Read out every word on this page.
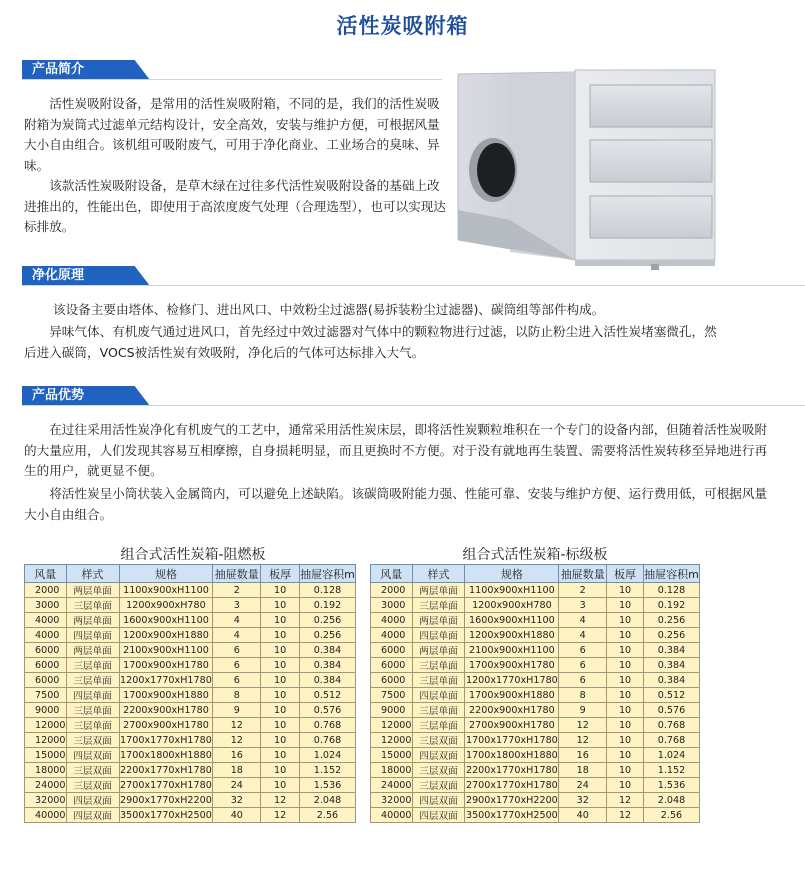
活性炭吸附箱
产品简介

活性炭吸附设备，是常用的活性炭吸附箱，不同的是，我们的活性炭吸附箱为炭筒式过滤单元结构设计，安全高效，安装与维护方便，可根据风量大小自由组合。该机组可吸附废气，可用于净化商业、工业场合的臭味、异味。

该款活性炭吸附设备，是草木绿在过往多代活性炭吸附设备的基础上改进推出的，性能出色，即使用于高浓度废气处理（合理选型），也可以实现达标排放。

净化原理

该设备主要由塔体、检修门、进出风口、中效粉尘过滤器(易拆装粉尘过滤器)、碳筒组等部件构成。

异味气体、有机废气通过进风口，首先经过中效过滤器对气体中的颗粒物进行过滤，以防止粉尘进入活性炭堵塞微孔，然后进入碳筒，VOCS被活性炭有效吸附，净化后的气体可达标排入大气。

产品优势

在过往采用活性炭净化有机废气的工艺中，通常采用活性炭床层，即将活性炭颗粒堆积在一个专门的设备内部，但随着活性炭吸附的大量应用，人们发现其容易互相摩擦，自身损耗明显，而且更换时不方便。对于没有就地再生装置、需要将活性炭转移至异地进行再生的用户，就更显不便。

将活性炭呈小筒状装入金属筒内，可以避免上述缺陷。该碳筒吸附能力强、性能可靠、安装与维护方便、运行费用低，可根据风量大小自由组合。

组合式活性炭箱-阻燃板
风量	样式	规格	抽屉数量	板厚	抽屉容积m
2000	两层单面	1100x900xH1100	2	10	0.128
3000	三层单面	1200x900xH780	3	10	0.192
4000	两层单面	1600x900xH1100	4	10	0.256
4000	四层单面	1200x900xH1880	4	10	0.256
6000	两层单面	2100x900xH1100	6	10	0.384
6000	三层单面	1700x900xH1780	6	10	0.384
6000	三层单面	1200x1770xH1780	6	10	0.384
7500	四层单面	1700x900xH1880	8	10	0.512
9000	三层单面	2200x900xH1780	9	10	0.576
12000	三层单面	2700x900xH1780	12	10	0.768
12000	三层双面	1700x1770xH1780	12	10	0.768
15000	四层双面	1700x1800xH1880	16	10	1.024
18000	三层双面	2200x1770xH1780	18	10	1.152
24000	三层双面	2700x1770xH1780	24	10	1.536
32000	四层双面	2900x1770xH2200	32	12	2.048
40000	四层双面	3500x1770xH2500	40	12	2.56
组合式活性炭箱-标级板
风量	样式	规格	抽屉数量	板厚	抽屉容积m
2000	两层单面	1100x900xH1100	2	10	0.128
3000	三层单面	1200x900xH780	3	10	0.192
4000	两层单面	1600x900xH1100	4	10	0.256
4000	四层单面	1200x900xH1880	4	10	0.256
6000	两层单面	2100x900xH1100	6	10	0.384
6000	三层单面	1700x900xH1780	6	10	0.384
6000	三层单面	1200x1770xH1780	6	10	0.384
7500	四层单面	1700x900xH1880	8	10	0.512
9000	三层单面	2200x900xH1780	9	10	0.576
12000	三层单面	2700x900xH1780	12	10	0.768
12000	三层双面	1700x1770xH1780	12	10	0.768
15000	四层双面	1700x1800xH1880	16	10	1.024
18000	三层双面	2200x1770xH1780	18	10	1.152
24000	三层双面	2700x1770xH1780	24	10	1.536
32000	四层双面	2900x1770xH2200	32	12	2.048
40000	四层双面	3500x1770xH2500	40	12	2.56
